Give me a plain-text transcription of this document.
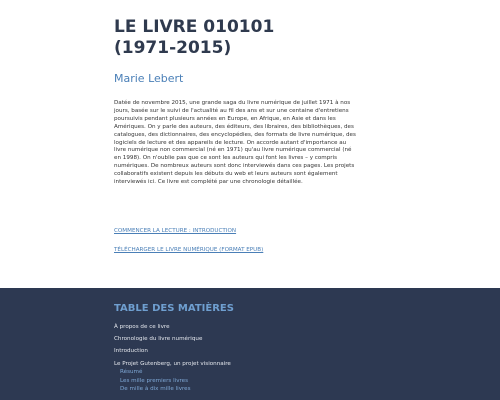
LE LIVRE 010101
(1971-2015)

Marie Lebert

Datée de novembre 2015, une grande saga du livre numérique de juillet 1971 à nos jours, basée sur le suivi de l'actualité au fil des ans et sur une centaine d'entretiens poursuivis pendant plusieurs années en Europe, en Afrique, en Asie et dans les Amériques. On y parle des auteurs, des éditeurs, des libraires, des bibliothèques, des catalogues, des dictionnaires, des encyclopédies, des formats de livre numérique, des logiciels de lecture et des appareils de lecture. On accorde autant d'importance au livre numérique non commercial (né en 1971) qu'au livre numérique commercial (né en 1998). On n'oublie pas que ce sont les auteurs qui font les livres – y compris numériques. De nombreux auteurs sont donc interviewés dans ces pages. Les projets collaboratifs existent depuis les débuts du web et leurs auteurs sont également interviewés ici. Ce livre est complété par une chronologie détaillée.

COMMENCER LA LECTURE : INTRODUCTION
TÉLÉCHARGER LE LIVRE NUMÉRIQUE (FORMAT EPUB)
TABLE DES MATIÈRES
À propos de ce livre
Chronologie du livre numérique
Introduction
Le Projet Gutenberg, un projet visionnaire
Résumé
Les mille premiers livres
De mille à dix mille livres
